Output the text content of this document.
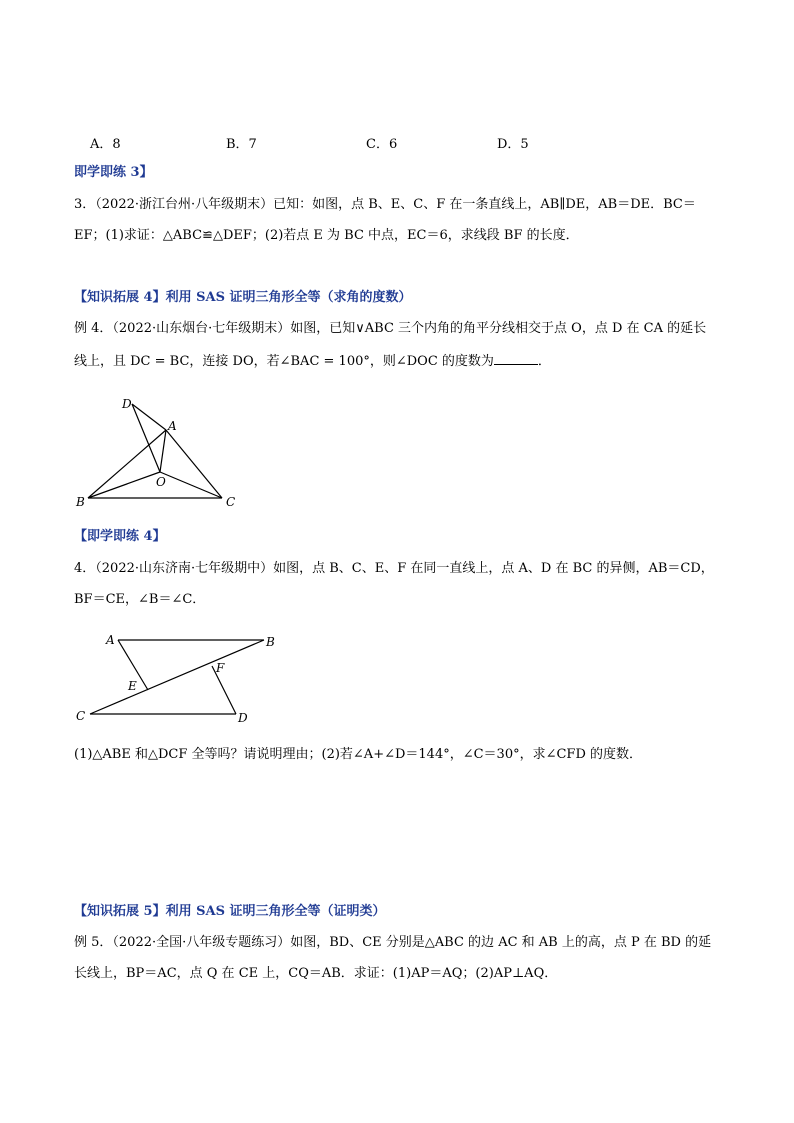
A．8	B．7	C．6	D．5
即学即练 3】
3．（2022·浙江台州·八年级期末）已知：如图，点 B、E、C、F 在一条直线上，AB∥DE，AB＝DE．BC＝
EF；(1)求证：△ABC≌△DEF；(2)若点 E 为 BC 中点，EC＝6，求线段 BF 的长度．
【知识拓展 4】利用 SAS 证明三角形全等（求角的度数）
例 4．（2022·山东烟台·七年级期末）如图，已知∨ABC 三个内角的角平分线相交于点 O，点 D 在 CA 的延长
线上，且 DC = BC，连接 DO，若∠BAC = 100°，则∠DOC 的度数为	．
D
A
O
B	C
【即学即练 4】
4．（2022·山东济南·七年级期中）如图，点 B、C、E、F 在同一直线上，点 A、D 在 BC 的异侧，AB＝CD，
BF＝CE，∠B＝∠C．
A	B
E
F
C	D
(1)△ABE 和△DCF 全等吗？请说明理由；(2)若∠A+∠D＝144°，∠C＝30°，求∠CFD 的度数．
【知识拓展 5】利用 SAS 证明三角形全等（证明类）
例 5．（2022·全国·八年级专题练习）如图，BD、CE 分别是△ABC 的边 AC 和 AB 上的高，点 P 在 BD 的延
长线上，BP＝AC，点 Q 在 CE 上，CQ＝AB．求证：(1)AP＝AQ；(2)AP⊥AQ．
